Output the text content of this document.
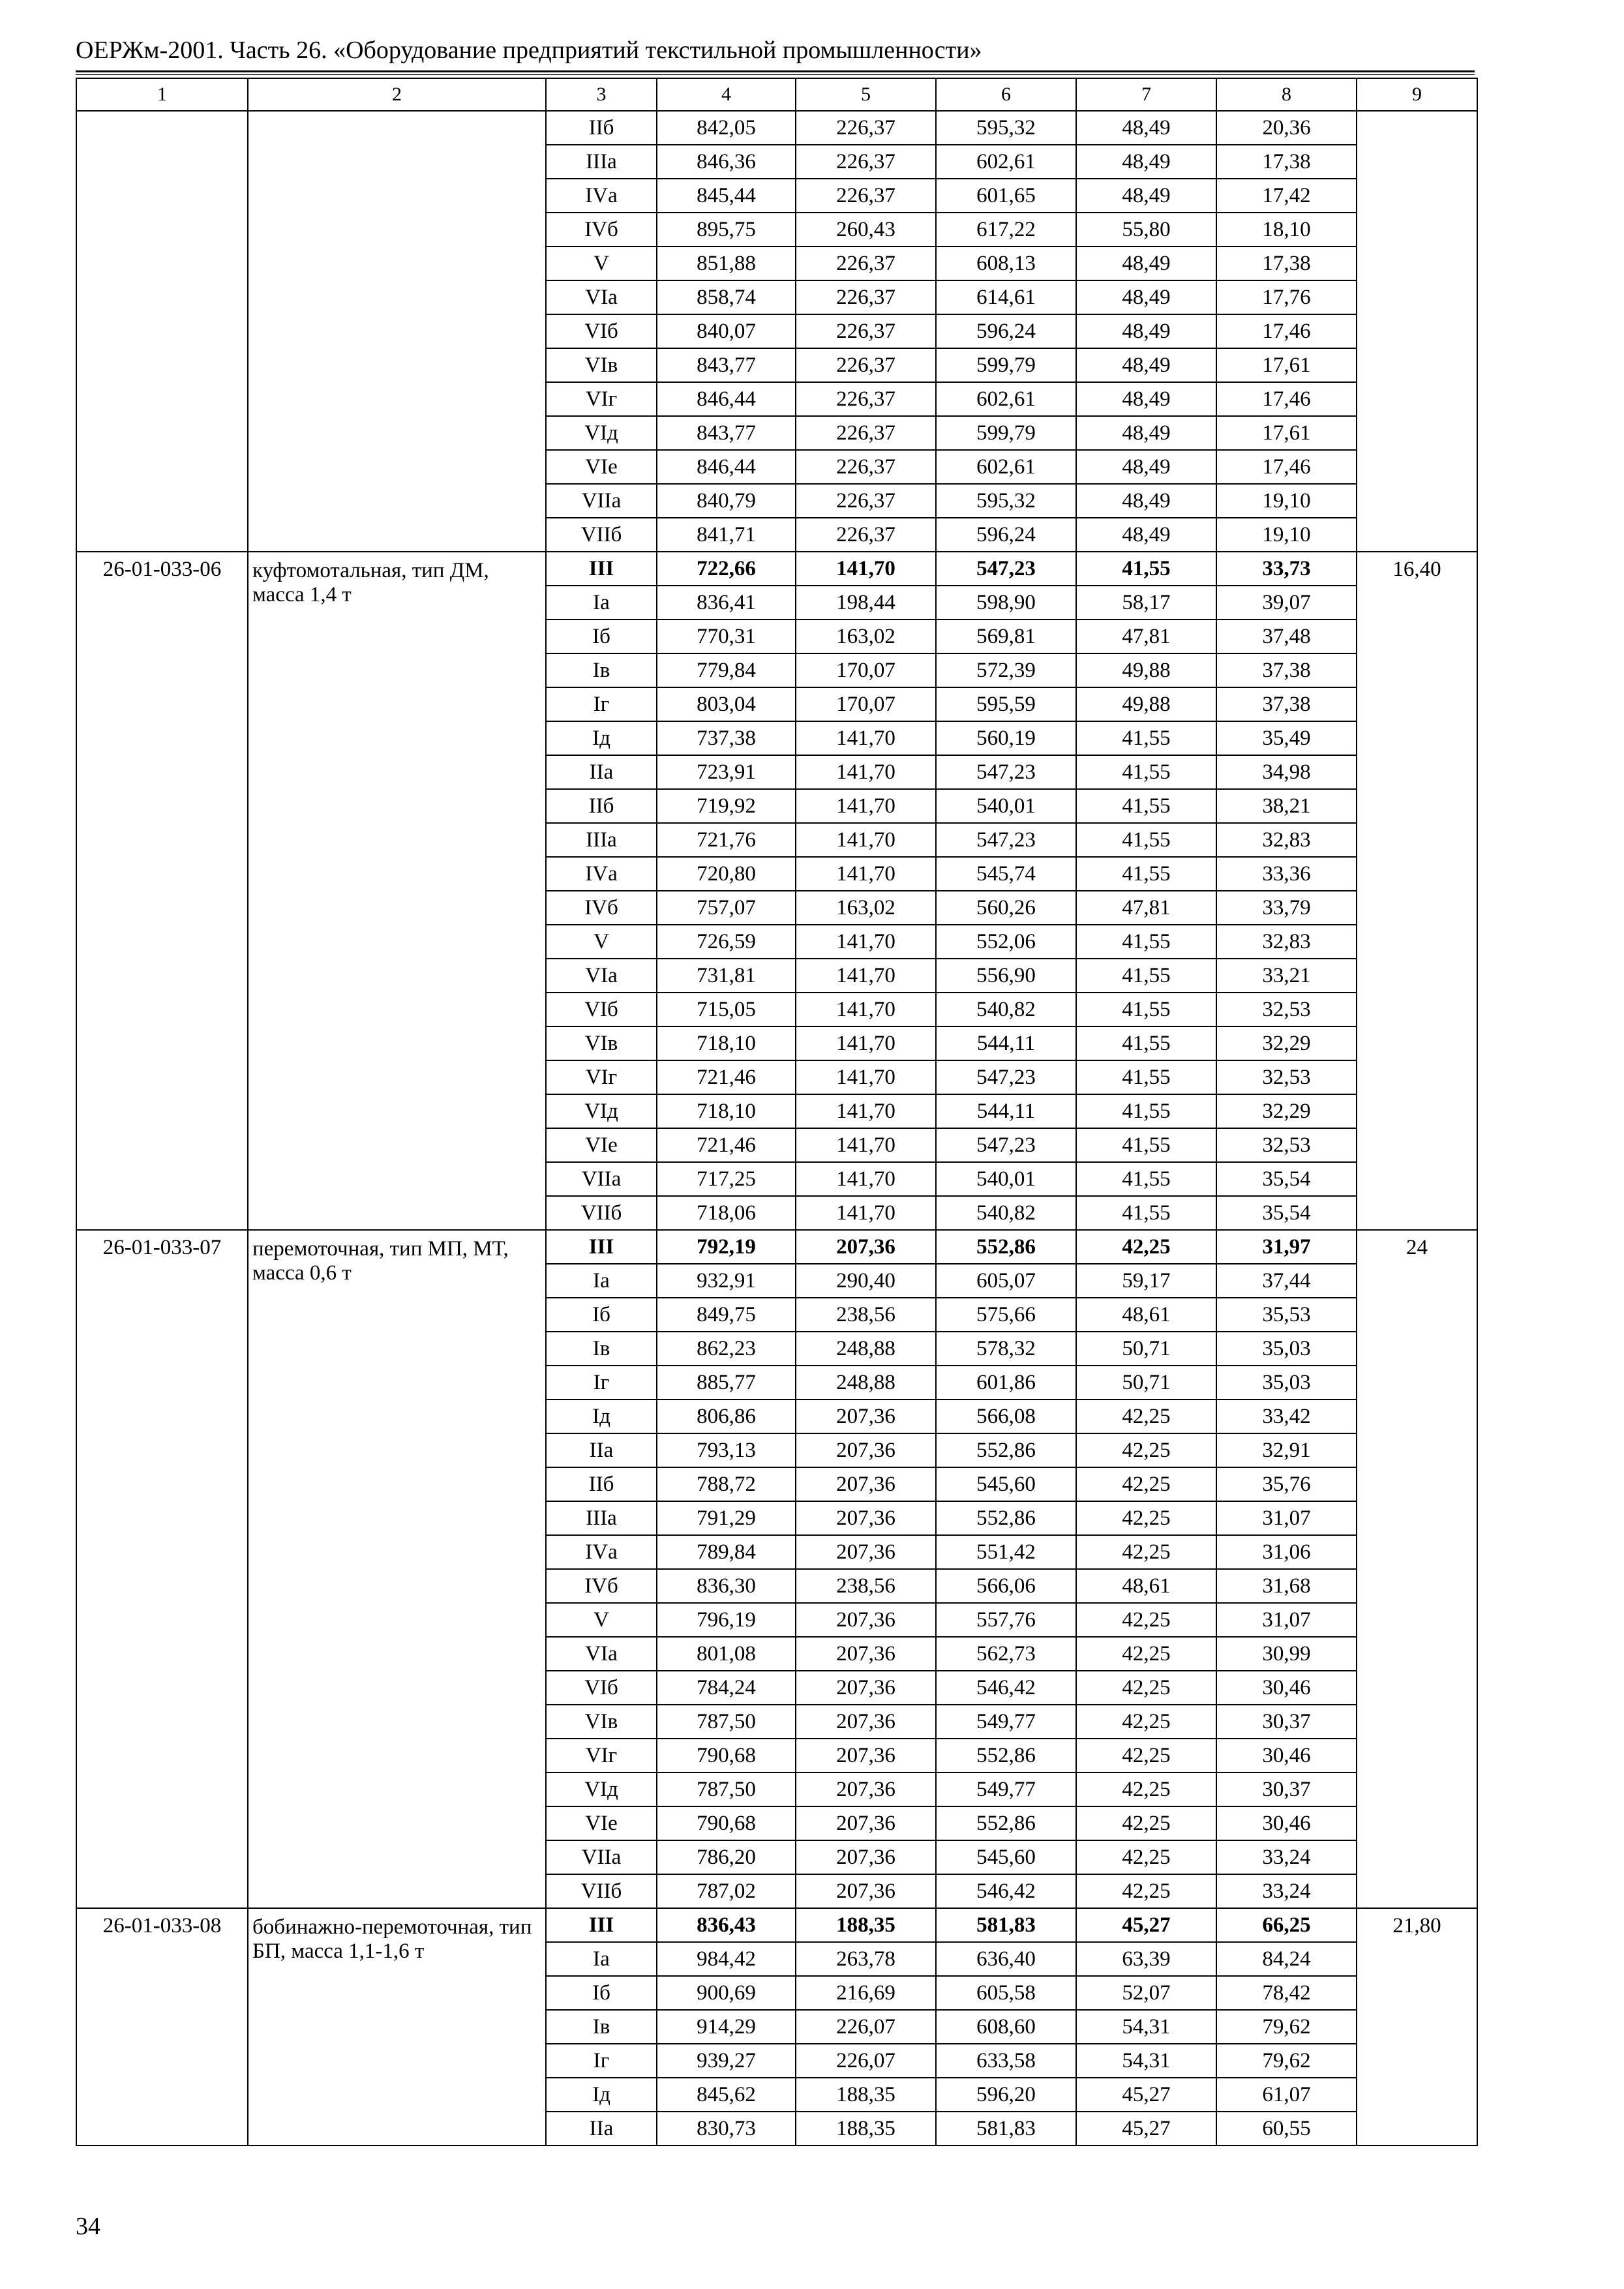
ОЕРЖм-2001. Часть 26. «Оборудование предприятий текстильной промышленности»
1	2	3	4	5	6	7	8	9
		IIб	842,05	226,37	595,32	48,49	20,36	
		IIIа	846,36	226,37	602,61	48,49	17,38	
		IVа	845,44	226,37	601,65	48,49	17,42	
		IVб	895,75	260,43	617,22	55,80	18,10	
		V	851,88	226,37	608,13	48,49	17,38	
		VIа	858,74	226,37	614,61	48,49	17,76	
		VIб	840,07	226,37	596,24	48,49	17,46	
		VIв	843,77	226,37	599,79	48,49	17,61	
		VIг	846,44	226,37	602,61	48,49	17,46	
		VIд	843,77	226,37	599,79	48,49	17,61	
		VIе	846,44	226,37	602,61	48,49	17,46	
		VIIа	840,79	226,37	595,32	48,49	19,10	
		VIIб	841,71	226,37	596,24	48,49	19,10	
26-01-033-06	куфтомотальная, тип ДМ, масса 1,4 т	III	722,66	141,70	547,23	41,55	33,73	16,40
		Iа	836,41	198,44	598,90	58,17	39,07	
		Iб	770,31	163,02	569,81	47,81	37,48	
		Iв	779,84	170,07	572,39	49,88	37,38	
		Iг	803,04	170,07	595,59	49,88	37,38	
		Iд	737,38	141,70	560,19	41,55	35,49	
		IIа	723,91	141,70	547,23	41,55	34,98	
		IIб	719,92	141,70	540,01	41,55	38,21	
		IIIа	721,76	141,70	547,23	41,55	32,83	
		IVа	720,80	141,70	545,74	41,55	33,36	
		IVб	757,07	163,02	560,26	47,81	33,79	
		V	726,59	141,70	552,06	41,55	32,83	
		VIа	731,81	141,70	556,90	41,55	33,21	
		VIб	715,05	141,70	540,82	41,55	32,53	
		VIв	718,10	141,70	544,11	41,55	32,29	
		VIг	721,46	141,70	547,23	41,55	32,53	
		VIд	718,10	141,70	544,11	41,55	32,29	
		VIе	721,46	141,70	547,23	41,55	32,53	
		VIIа	717,25	141,70	540,01	41,55	35,54	
		VIIб	718,06	141,70	540,82	41,55	35,54	
26-01-033-07	перемоточная, тип МП, МТ, масса 0,6 т	III	792,19	207,36	552,86	42,25	31,97	24
		Iа	932,91	290,40	605,07	59,17	37,44	
		Iб	849,75	238,56	575,66	48,61	35,53	
		Iв	862,23	248,88	578,32	50,71	35,03	
		Iг	885,77	248,88	601,86	50,71	35,03	
		Iд	806,86	207,36	566,08	42,25	33,42	
		IIа	793,13	207,36	552,86	42,25	32,91	
		IIб	788,72	207,36	545,60	42,25	35,76	
		IIIа	791,29	207,36	552,86	42,25	31,07	
		IVа	789,84	207,36	551,42	42,25	31,06	
		IVб	836,30	238,56	566,06	48,61	31,68	
		V	796,19	207,36	557,76	42,25	31,07	
		VIа	801,08	207,36	562,73	42,25	30,99	
		VIб	784,24	207,36	546,42	42,25	30,46	
		VIв	787,50	207,36	549,77	42,25	30,37	
		VIг	790,68	207,36	552,86	42,25	30,46	
		VIд	787,50	207,36	549,77	42,25	30,37	
		VIе	790,68	207,36	552,86	42,25	30,46	
		VIIа	786,20	207,36	545,60	42,25	33,24	
		VIIб	787,02	207,36	546,42	42,25	33,24	
26-01-033-08	бобинажно-перемоточная, тип БП, масса 1,1-1,6 т	III	836,43	188,35	581,83	45,27	66,25	21,80
		Iа	984,42	263,78	636,40	63,39	84,24	
		Iб	900,69	216,69	605,58	52,07	78,42	
		Iв	914,29	226,07	608,60	54,31	79,62	
		Iг	939,27	226,07	633,58	54,31	79,62	
		Iд	845,62	188,35	596,20	45,27	61,07	
		IIа	830,73	188,35	581,83	45,27	60,55	
34
